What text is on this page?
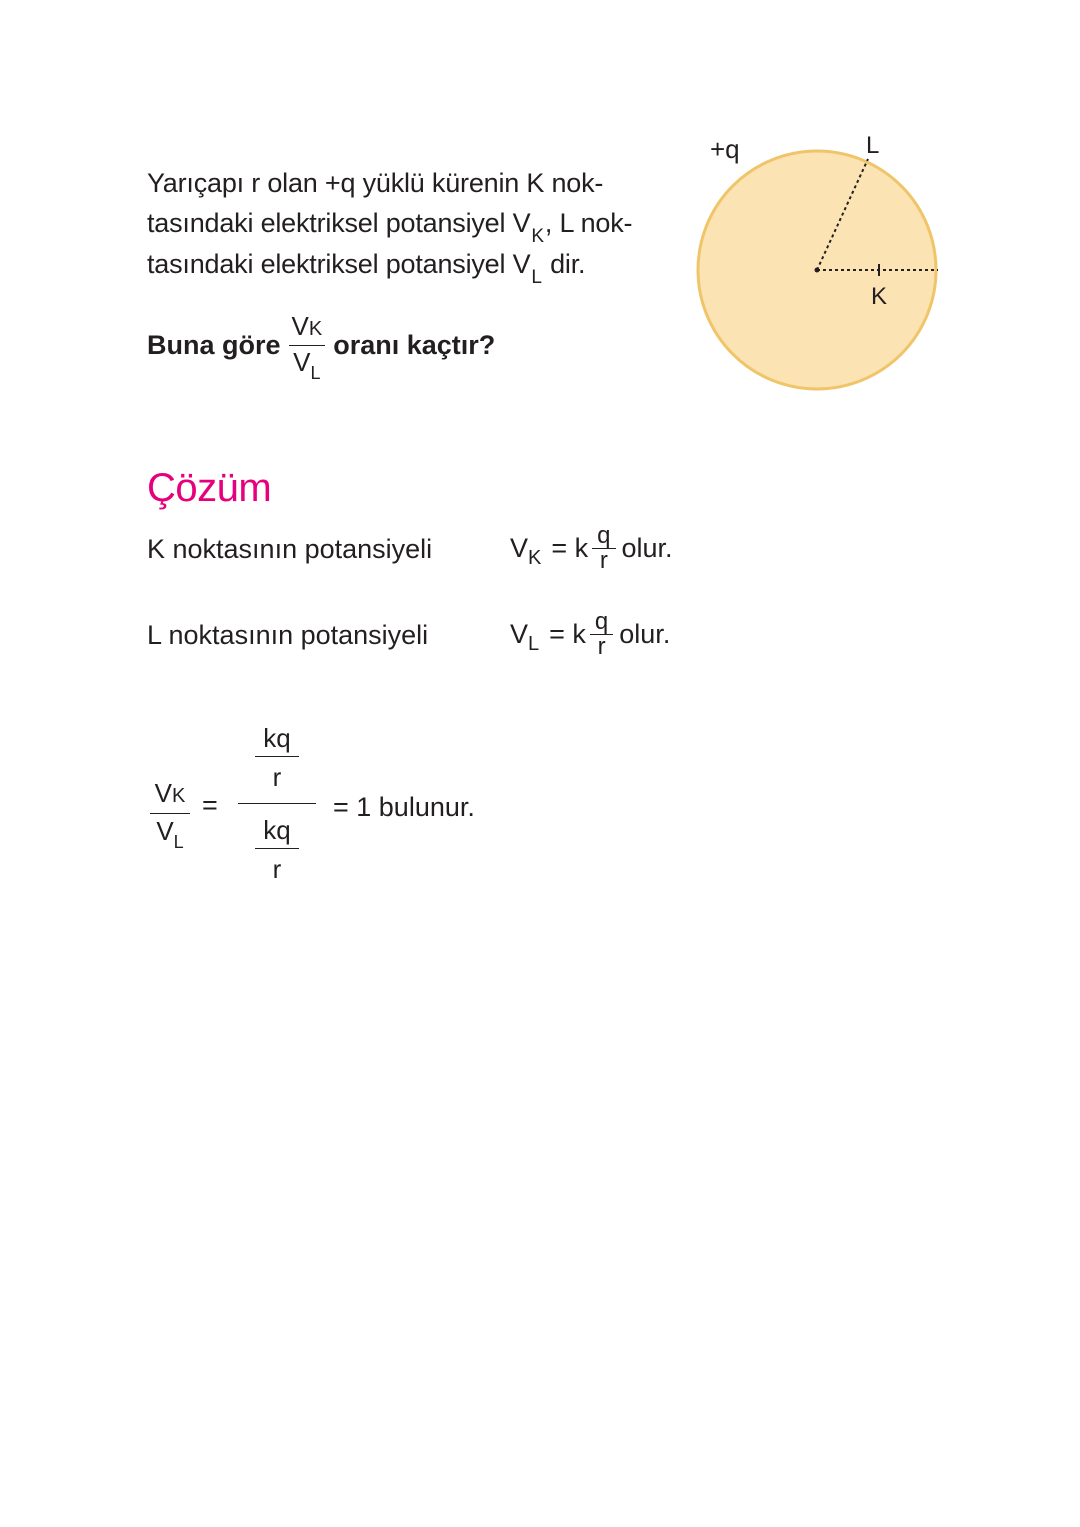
Yarıçapı r olan +q yüklü kürenin K nok-
tasındaki elektriksel potansiyel $V_K$, L nok-
tasındaki elektriksel potansiyel $V_L$ dir.
Buna göre $\frac{VK}{V_L}$ oranı kaçtır?
+q	L
K
Çözüm
K noktasının potansiyeli	V K = k $\frac{q}{r}$ olur.
L noktasının potansiyeli	V L = k $\frac{q}{r}$ olur.
VK
$V_L$
=
kq
r
kq
r
= 1 bulunur.
